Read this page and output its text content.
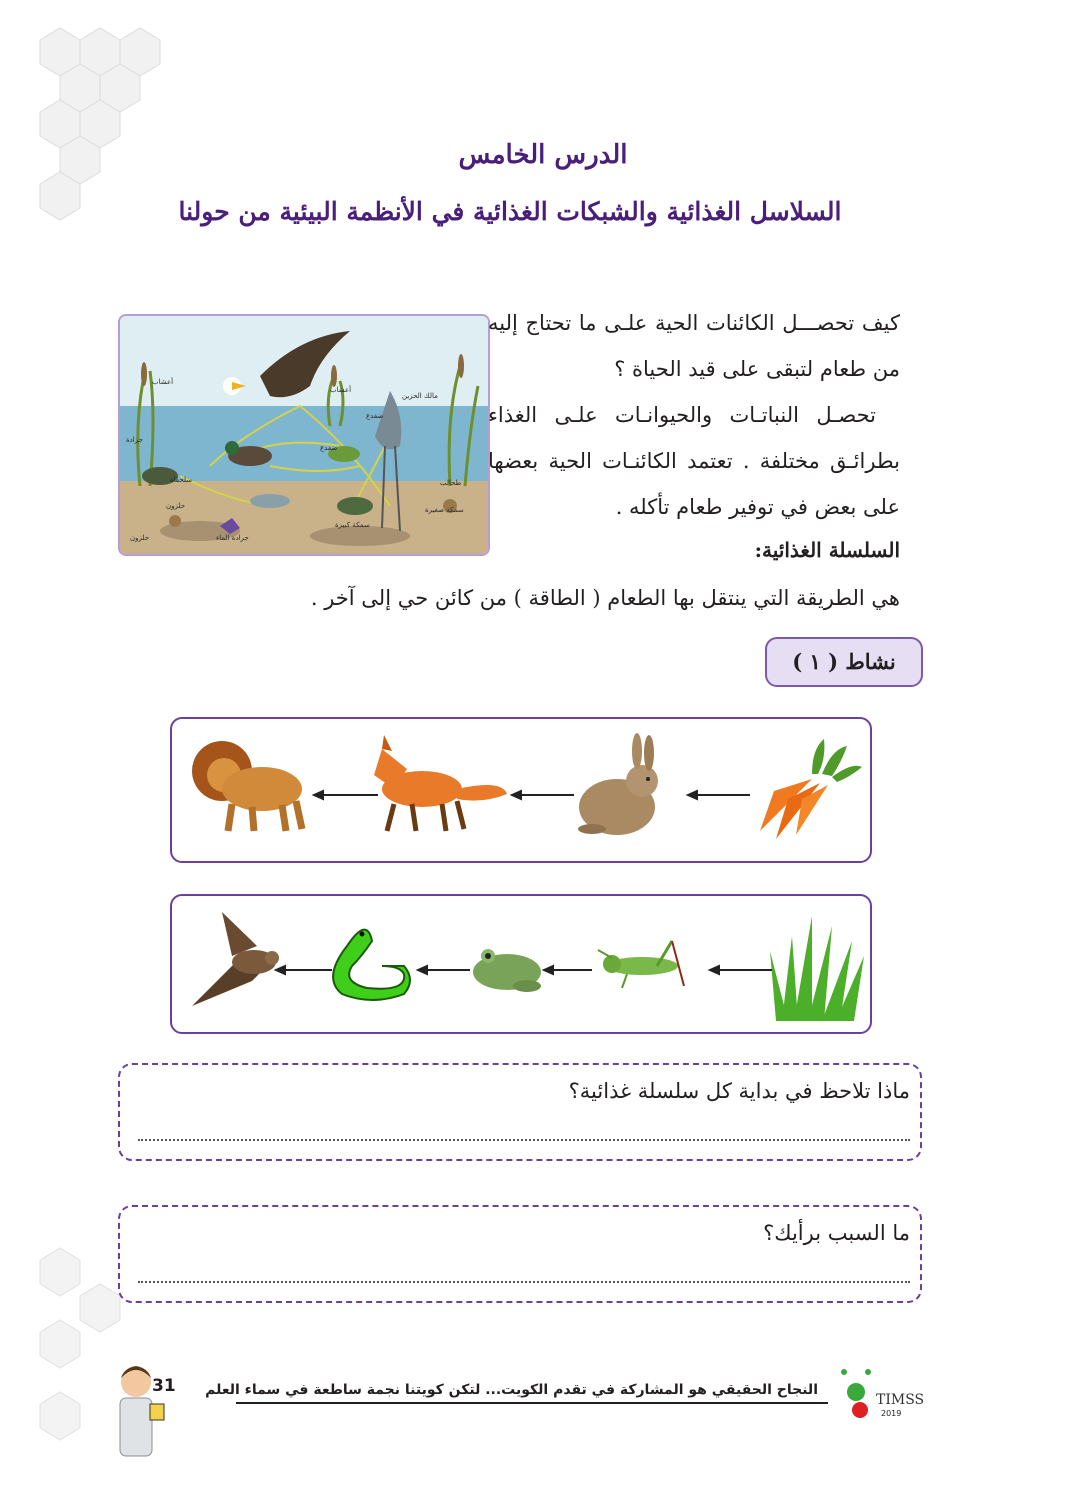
الدرس الخامس
السلاسل الغذائية والشبكات الغذائية في الأنظمة البيئية من حولنا
أعشاب
أعشاب
مالك الحزين
ضفدع
جرادة
ضفدع
سلحفاة	طحالب
حلزون	سمكة صغيرة
سمكة كبيرة
جرادة الماء
حلزون

كيف تحصـــل الكائنات الحية علـى ما تحتاج إليه من طعام لتبقى على قيد الحياة ؟

تحصـل النباتـات والحيوانـات علـى الغذاء بطرائـق مختلفة . تعتمد الكائنـات الحية بعضها على بعض في توفير طعام تأكله .

السلسلة الغذائية:
هي الطريقة التي ينتقل بها الطعام ( الطاقة ) من كائن حي إلى آخر .
نشاط ( ١ )
ماذا تلاحظ في بداية كل سلسلة غذائية؟
ما السبب برأيك؟
31 النجاح الحقيقي هو المشاركة في تقدم الكويت... لتكن كويتنا نجمة ساطعة في سماء العلم
TIMSS
2019
